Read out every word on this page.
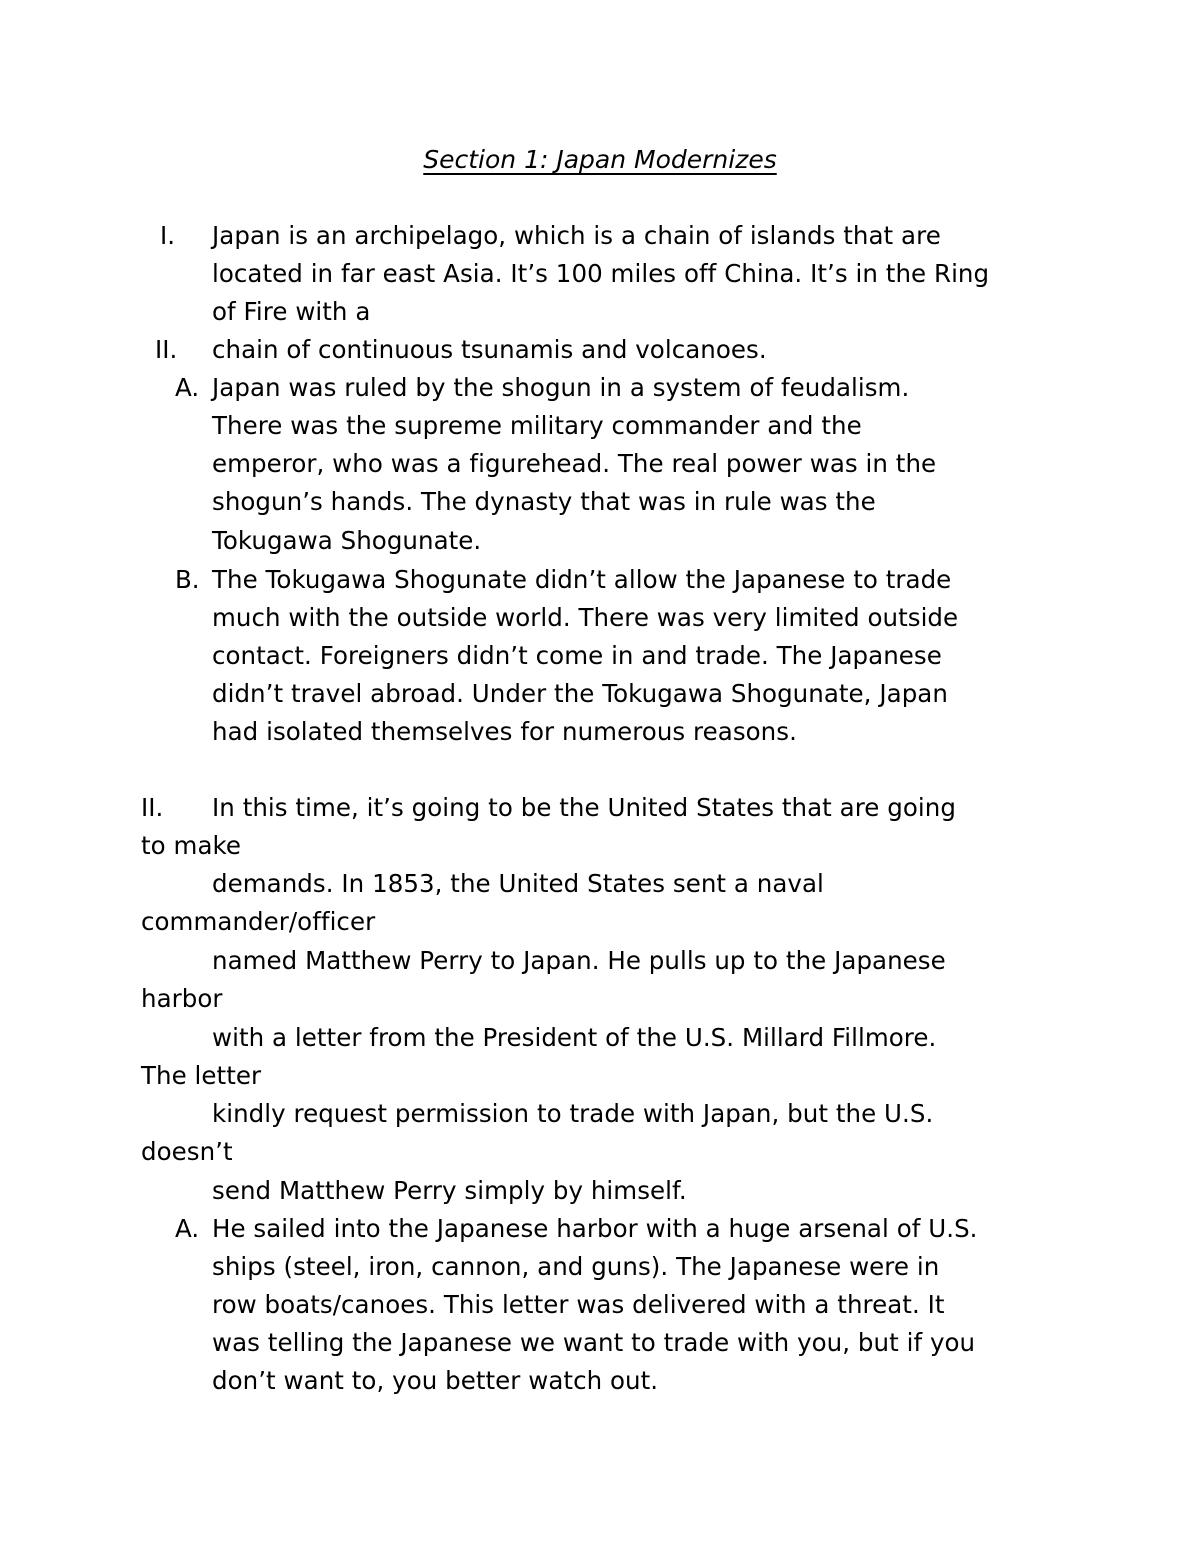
Section 1: Japan Modernizes
I. Japan is an archipelago, which is a chain of islands that are
located in far east Asia. It’s 100 miles off China. It’s in the Ring
of Fire with a
II. chain of continuous tsunamis and volcanoes.
A. Japan was ruled by the shogun in a system of feudalism.
There was the supreme military commander and the
emperor, who was a figurehead. The real power was in the
shogun’s hands. The dynasty that was in rule was the
Tokugawa Shogunate.
B. The Tokugawa Shogunate didn’t allow the Japanese to trade
much with the outside world. There was very limited outside
contact. Foreigners didn’t come in and trade. The Japanese
didn’t travel abroad. Under the Tokugawa Shogunate, Japan
had isolated themselves for numerous reasons.
II. In this time, it’s going to be the United States that are going
to make
demands. In 1853, the United States sent a naval
commander/officer
named Matthew Perry to Japan. He pulls up to the Japanese
harbor
with a letter from the President of the U.S. Millard Fillmore.
The letter
kindly request permission to trade with Japan, but the U.S.
doesn’t
send Matthew Perry simply by himself.
A. He sailed into the Japanese harbor with a huge arsenal of U.S.
ships (steel, iron, cannon, and guns). The Japanese were in
row boats/canoes. This letter was delivered with a threat. It
was telling the Japanese we want to trade with you, but if you
don’t want to, you better watch out.
